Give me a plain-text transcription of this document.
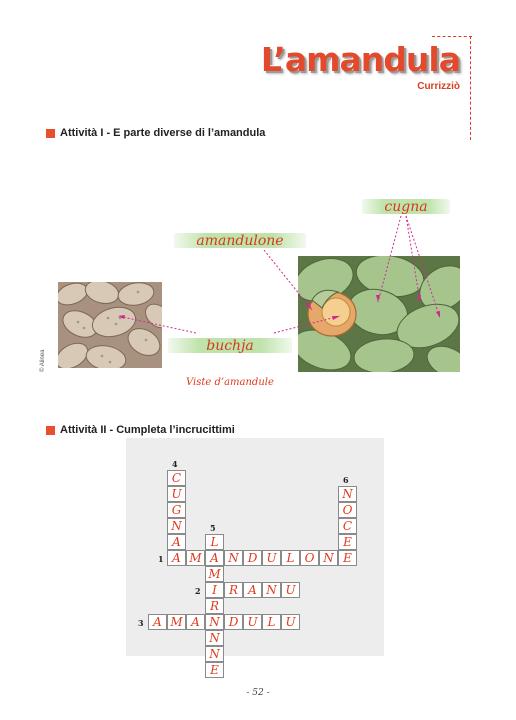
L’amandula
Currizziò
Attività I - E parte diverse di l’amandula
© Alinea
cugna
amandulone
buchja
Viste d’amandule
Attività II - Cumpleta l’incrucittimi
A M A N D U L O N E
1
I	R A N U
2
A M A N D U L U
3
C
U
G
N
A
4
L
M
R
N
N
E
5
N
O
C
E
6
- 52 -
